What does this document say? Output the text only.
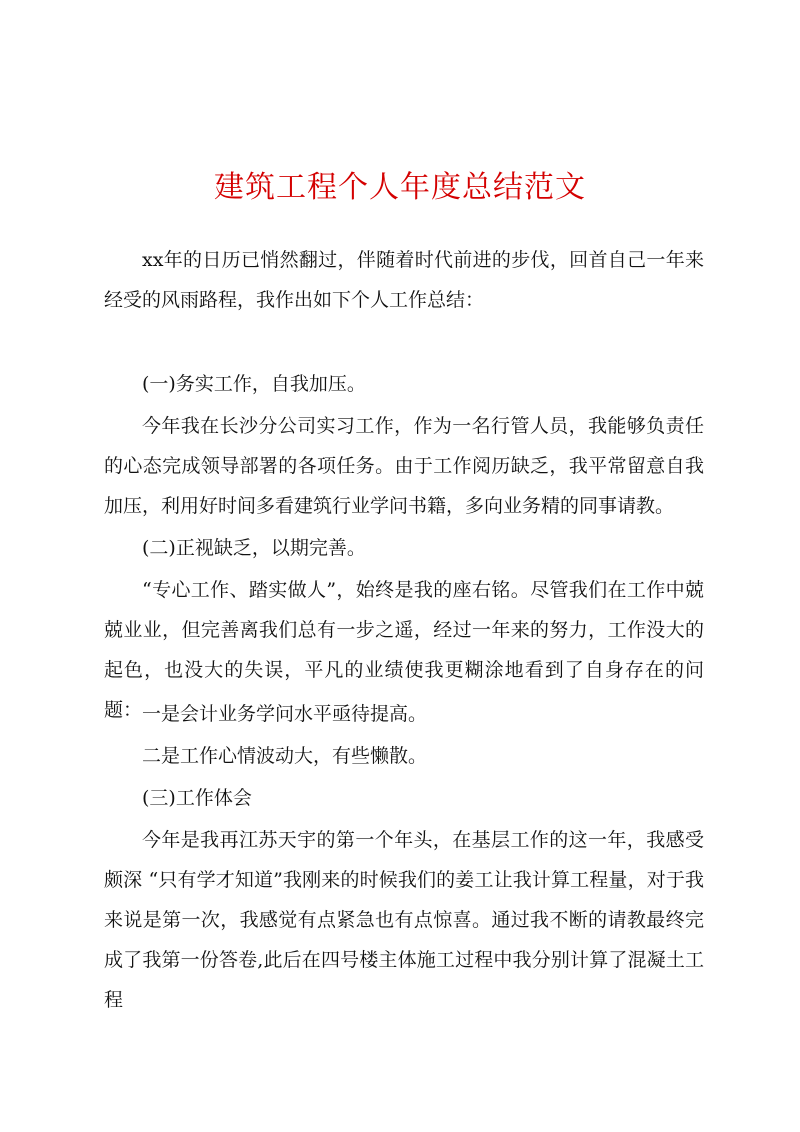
建筑工程个人年度总结范文

xx年的日历已悄然翻过，伴随着时代前进的步伐，回首自己一年来经受的风雨路程，我作出如下个人工作总结：

(一)务实工作，自我加压。

今年我在长沙分公司实习工作，作为一名行管人员，我能够负责任的心态完成领导部署的各项任务。由于工作阅历缺乏，我平常留意自我加压，利用好时间多看建筑行业学问书籍，多向业务精的同事请教。

(二)正视缺乏，以期完善。

“专心工作、踏实做人”，始终是我的座右铭。尽管我们在工作中兢兢业业，但完善离我们总有一步之遥，经过一年来的努力，工作没大的起色，也没大的失误，平凡的业绩使我更糊涂地看到了自身存在的问题： 一是会计业务学问水平亟待提高。

二是工作心情波动大，有些懒散。

(三)工作体会

今年是我再江苏天宇的第一个年头，在基层工作的这一年，我感受颇深 “只有学才知道”我刚来的时候我们的姜工让我计算工程量，对于我来说是第一次，我感觉有点紧急也有点惊喜。通过我不断的请教最终完成了我第一份答卷,此后在四号楼主体施工过程中我分别计算了混凝土工程
